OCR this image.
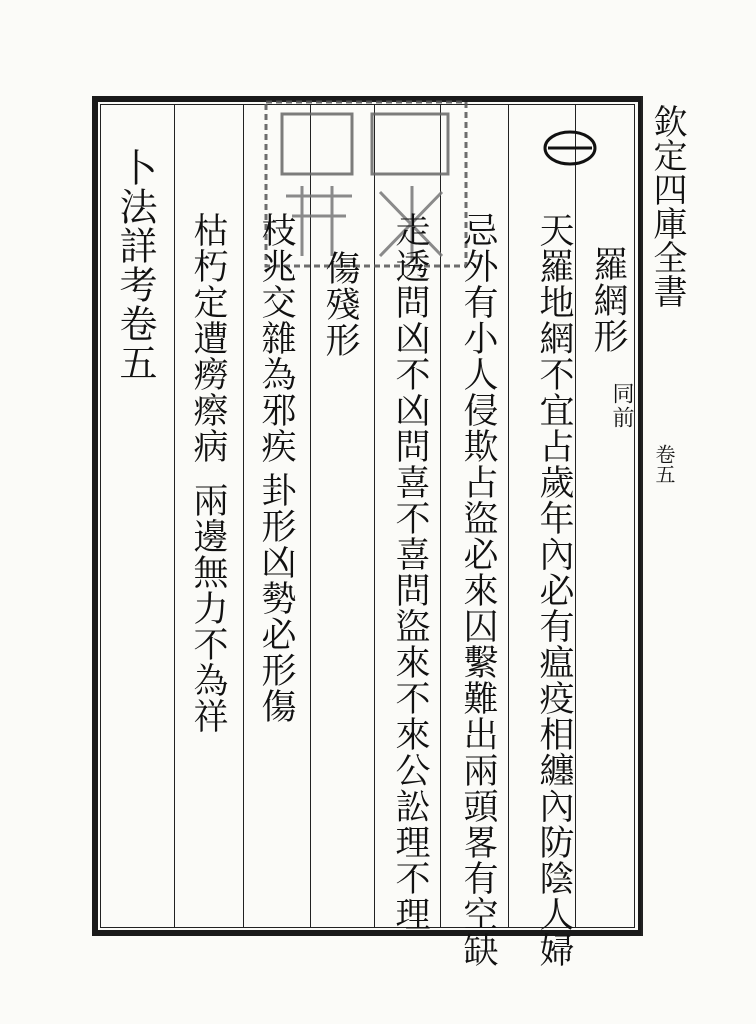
欽定四庫全書
卷五
天羅地網不宜占歲年內必有瘟疫相纏內防陰人婦 羅網形
同前
忌外有小人侵欺占盜必來囚繫難出兩頭畧有空缺
走透問凶不凶問喜不喜問盜來不來公訟理不理
傷殘形
枝兆交雜為邪疾
卦形凶勢必形傷
枯朽定遭癆瘵病
兩邊無力不為祥
卜法詳考卷五
